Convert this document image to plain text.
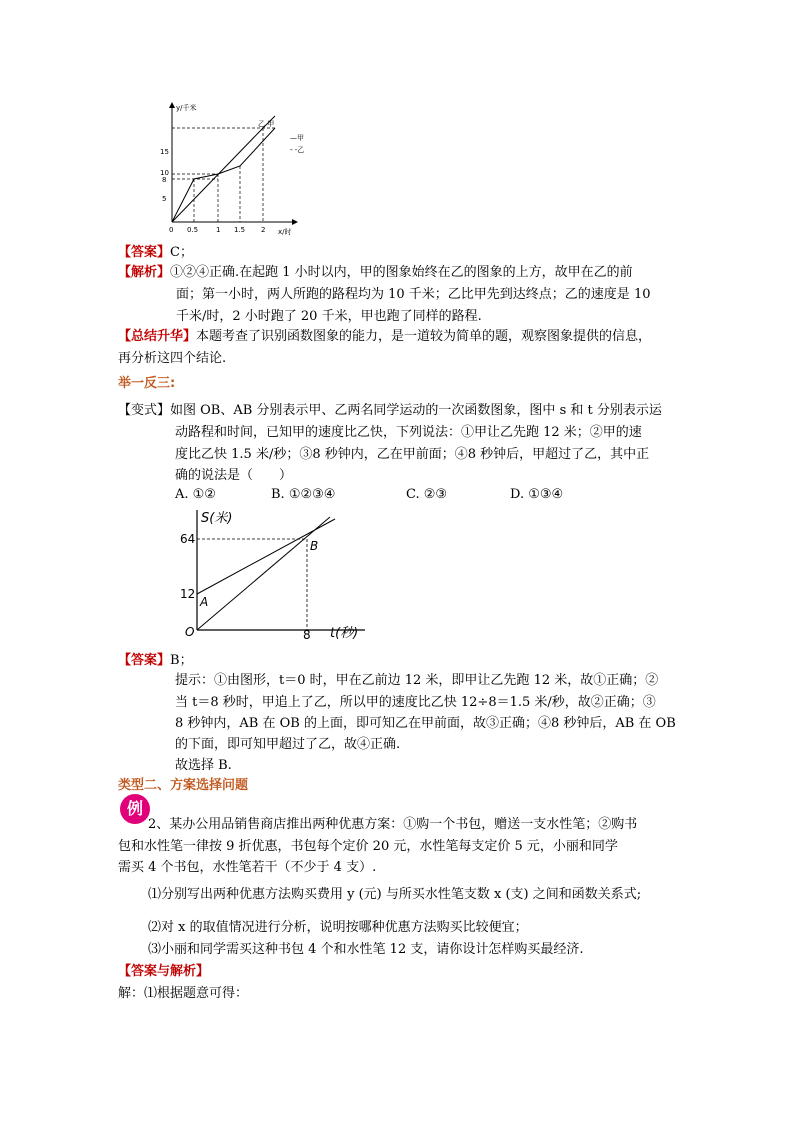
y/千米
x/时
15
10
8
5
0 0.5	1 1.5 2
乙 甲
—甲
- -乙
【答案】C；
【解析】①②④正确.在起跑 1 小时以内，甲的图象始终在乙的图象的上方，故甲在乙的前
面；第一小时，两人所跑的路程均为 10 千米；乙比甲先到达终点；乙的速度是 10
千米/时，2 小时跑了 20 千米，甲也跑了同样的路程.
【总结升华】本题考查了识别函数图象的能力，是一道较为简单的题，观察图象提供的信息，
再分析这四个结论.
举一反三:
【变式】如图 OB、AB 分别表示甲、乙两名同学运动的一次函数图象，图中 s 和 t 分别表示运
动路程和时间，已知甲的速度比乙快，下列说法：①甲让乙先跑 12 米；②甲的速
度比乙快 1.5 米/秒；③8 秒钟内，乙在甲前面；④8 秒钟后，甲超过了乙，其中正
确的说法是（　　）
A. ①②	B. ①②③④	C. ②③	D. ①③④
S(米)
64
12
O
A
B
8 t(秒)
【答案】B；
提示：①由图形，t＝0 时，甲在乙前边 12 米，即甲让乙先跑 12 米，故①正确；②
当 t＝8 秒时，甲追上了乙，所以甲的速度比乙快 12÷8＝1.5 米/秒，故②正确；③
8 秒钟内，AB 在 OB 的上面，即可知乙在甲前面，故③正确；④8 秒钟后，AB 在 OB
的下面，即可知甲超过了乙，故④正确.
故选择 B.
类型二、方案选择问题
例
2、某办公用品销售商店推出两种优惠方案：①购一个书包，赠送一支水性笔；②购书
包和水性笔一律按 9 折优惠，书包每个定价 20 元，水性笔每支定价 5 元，小丽和同学
需买 4 个书包，水性笔若干（不少于 4 支）.
⑴分别写出两种优惠方法购买费用 y (元) 与所买水性笔支数 x (支) 之间和函数关系式;
⑵对 x 的取值情况进行分析，说明按哪种优惠方法购买比较便宜；
⑶小丽和同学需买这种书包 4 个和水性笔 12 支，请你设计怎样购买最经济.
【答案与解析】
解：⑴根据题意可得：
